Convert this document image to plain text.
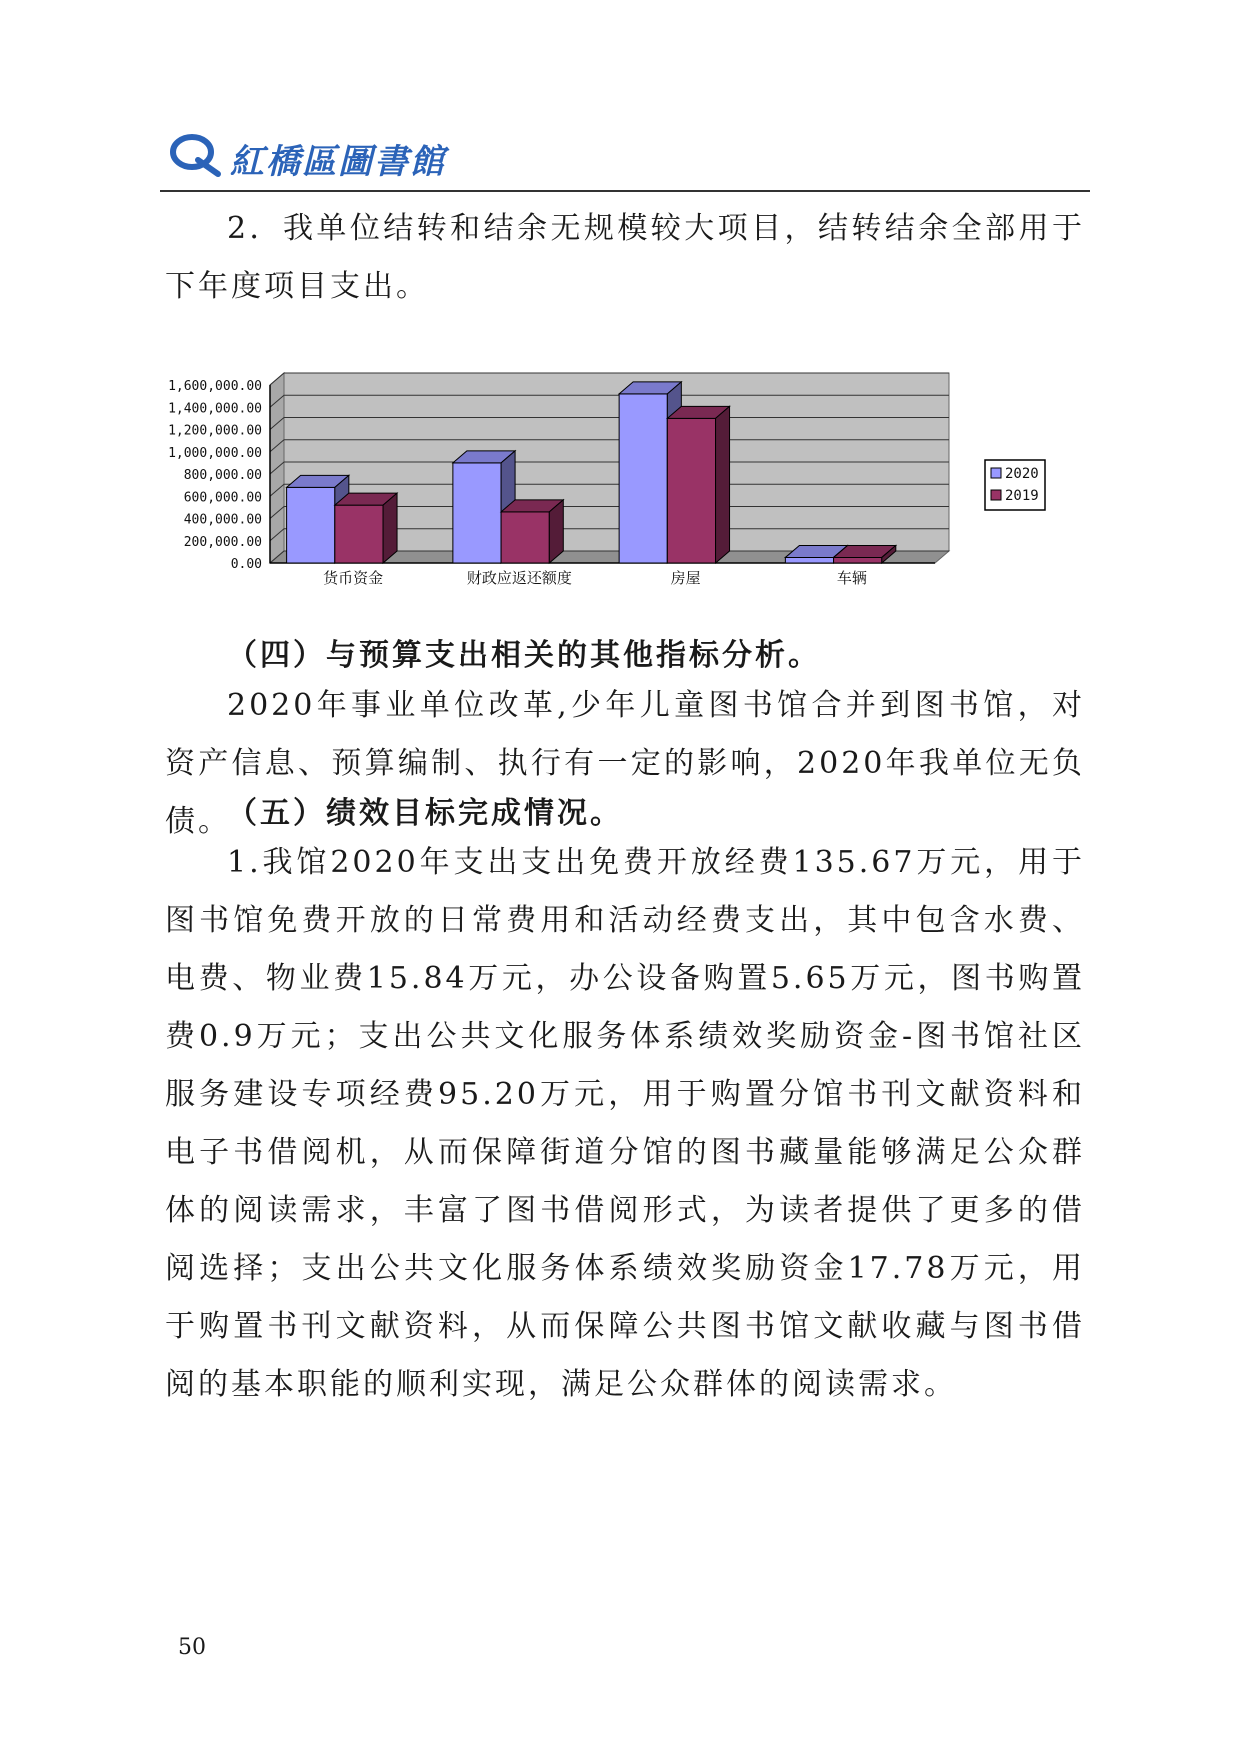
紅橋區圖書館
2．我单位结转和结余无规模较大项目，结转结余全部用于下年度项目支出。
0.00
200,000.00
400,000.00
600,000.00
800,000.00
1,000,000.00
1,200,000.00
1,400,000.00
1,600,000.00
货币资金	财政应返还额度	房屋	车辆
2020
2019
（四）与预算支出相关的其他指标分析。
2020年事业单位改革,少年儿童图书馆合并到图书馆，对资产信息、预算编制、执行有一定的影响，2020年我单位无负债。
（五）绩效目标完成情况。
1.我馆2020年支出支出免费开放经费135.67万元，用于图书馆免费开放的日常费用和活动经费支出，其中包含水费、电费、物业费15.84万元，办公设备购置5.65万元，图书购置费0.9万元；支出公共文化服务体系绩效奖励资金-图书馆社区服务建设专项经费95.20万元，用于购置分馆书刊文献资料和电子书借阅机，从而保障街道分馆的图书藏量能够满足公众群体的阅读需求，丰富了图书借阅形式，为读者提供了更多的借阅选择；支出公共文化服务体系绩效奖励资金17.78万元，用于购置书刊文献资料，从而保障公共图书馆文献收藏与图书借阅的基本职能的顺利实现，满足公众群体的阅读需求。
50
